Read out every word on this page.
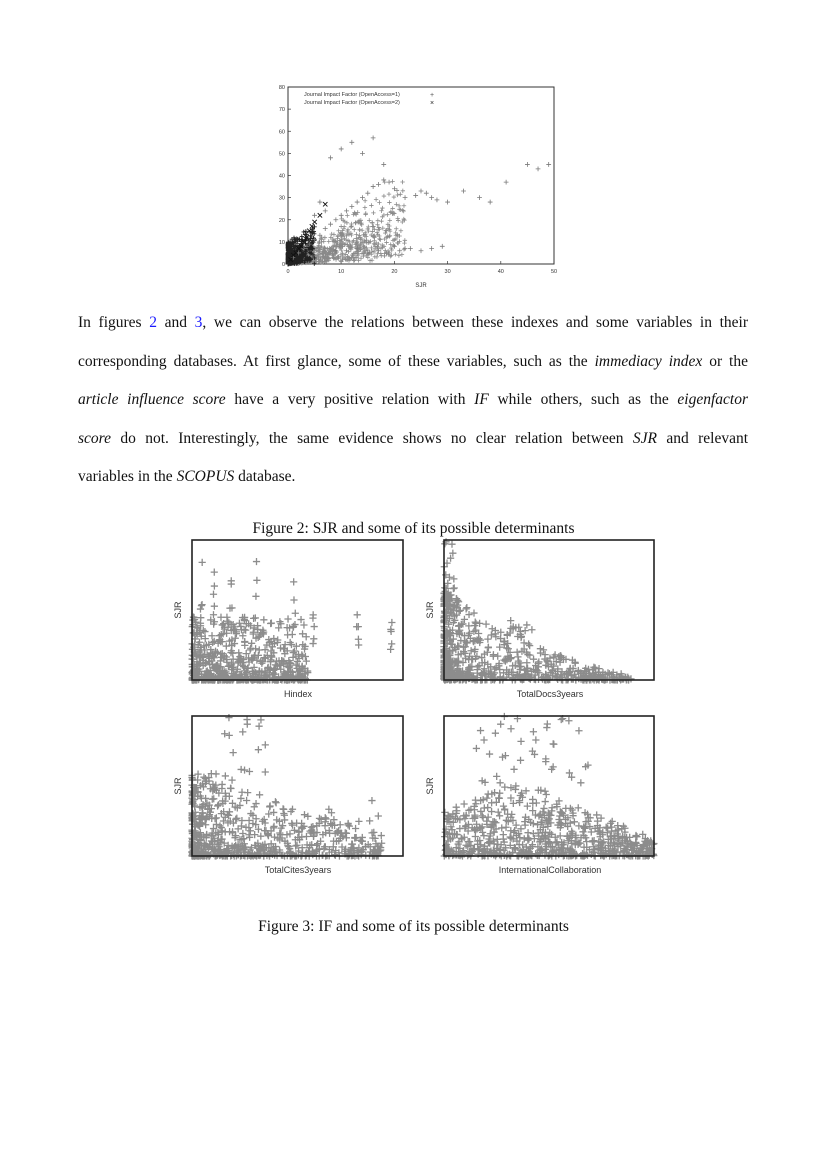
0	10	20	30	40	50
0
10
20
30
40
50
60
70
80
Journal Impact Factor (OpenAccess=1)	+
Journal Impact Factor (OpenAccess=2)	×
SJR
In figures 2 and 3, we can observe the relations between these indexes and some variables in their
corresponding databases. At first glance, some of these variables, such as the immediacy index or the
article influence score have a very positive relation with IF while others, such as the eigenfactor
score do not. Interestingly, the same evidence shows no clear relation between SJR and relevant
variables in the SCOPUS database.
Figure 2: SJR and some of its possible determinants
SJR
Hindex
SJR
TotalDocs3years
SJR
TotalCites3years
SJR
InternationalCollaboration
Figure 3: IF and some of its possible determinants
